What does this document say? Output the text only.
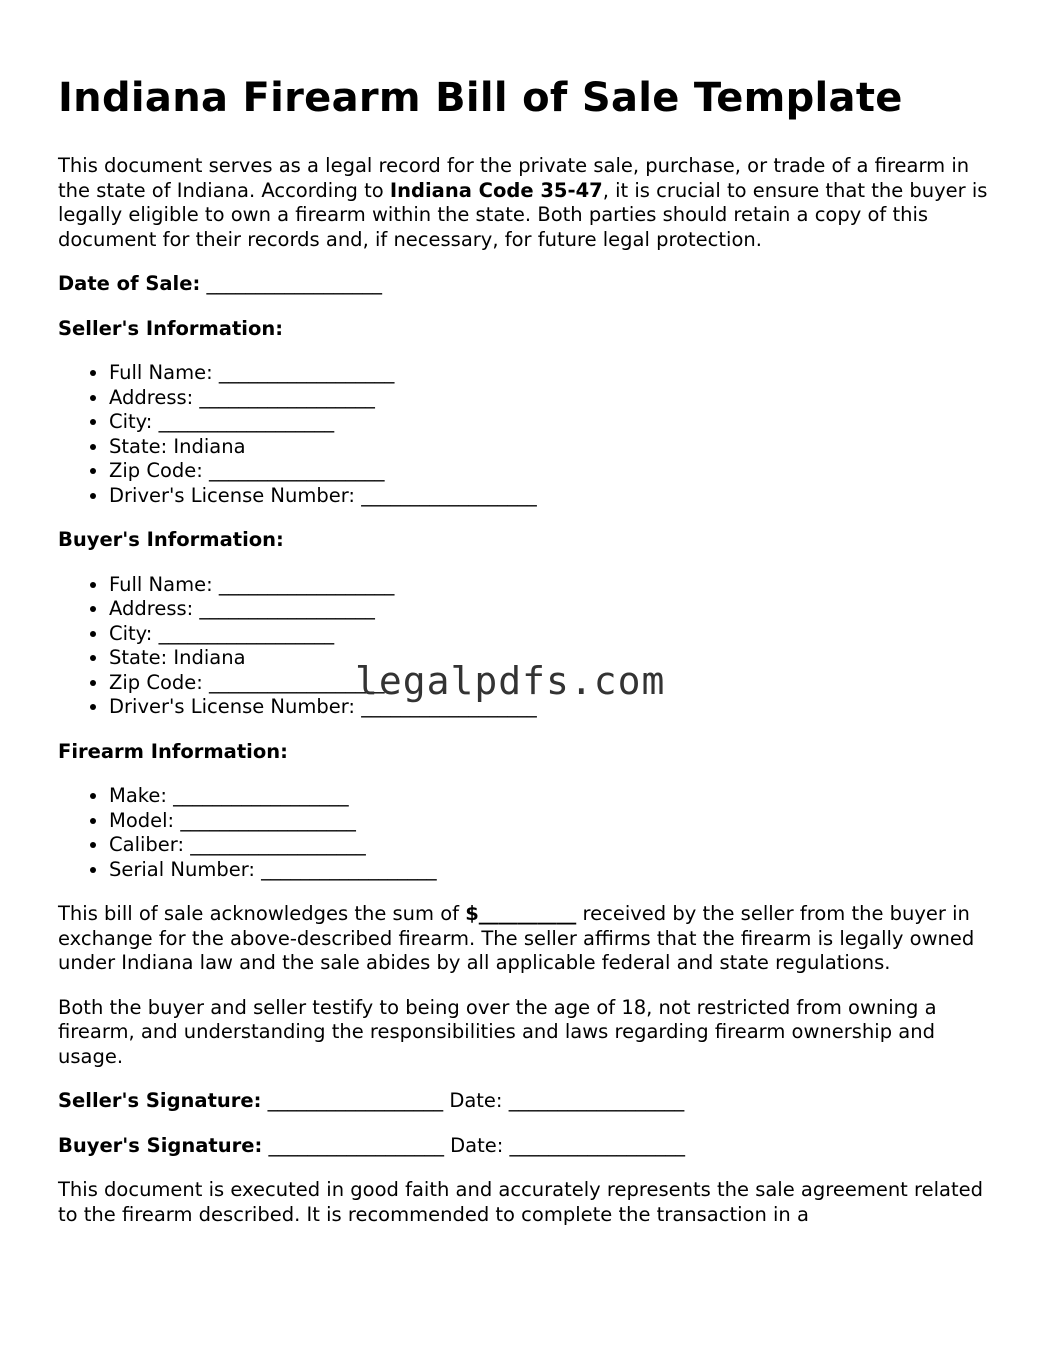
Indiana Firearm Bill of Sale Template

This document serves as a legal record for the private sale, purchase, or trade of a firearm in the state of Indiana. According to Indiana Code 35-47, it is crucial to ensure that the buyer is legally eligible to own a firearm within the state. Both parties should retain a copy of this document for their records and, if necessary, for future legal protection.

Date of Sale: __________________

Seller's Information:
• Full Name: __________________
• Address: __________________
• City: __________________
• State: Indiana
• Zip Code: __________________
• Driver's License Number: __________________
Buyer's Information:
• Full Name: __________________
• Address: __________________
• City: __________________
• State: Indiana
• Zip Code: __________________
• Driver's License Number: __________________
Firearm Information:
• Make: __________________
• Model: __________________
• Caliber: __________________
• Serial Number: __________________

This bill of sale acknowledges the sum of $__________ received by the seller from the buyer in exchange for the above-described firearm. The seller affirms that the firearm is legally owned under Indiana law and the sale abides by all applicable federal and state regulations.

Both the buyer and seller testify to being over the age of 18, not restricted from owning a firearm, and understanding the responsibilities and laws regarding firearm ownership and usage.

Seller's Signature: __________________ Date: __________________

Buyer's Signature: __________________ Date: __________________

This document is executed in good faith and accurately represents the sale agreement related to the firearm described. It is recommended to complete the transaction in a

legalpdfs.com
